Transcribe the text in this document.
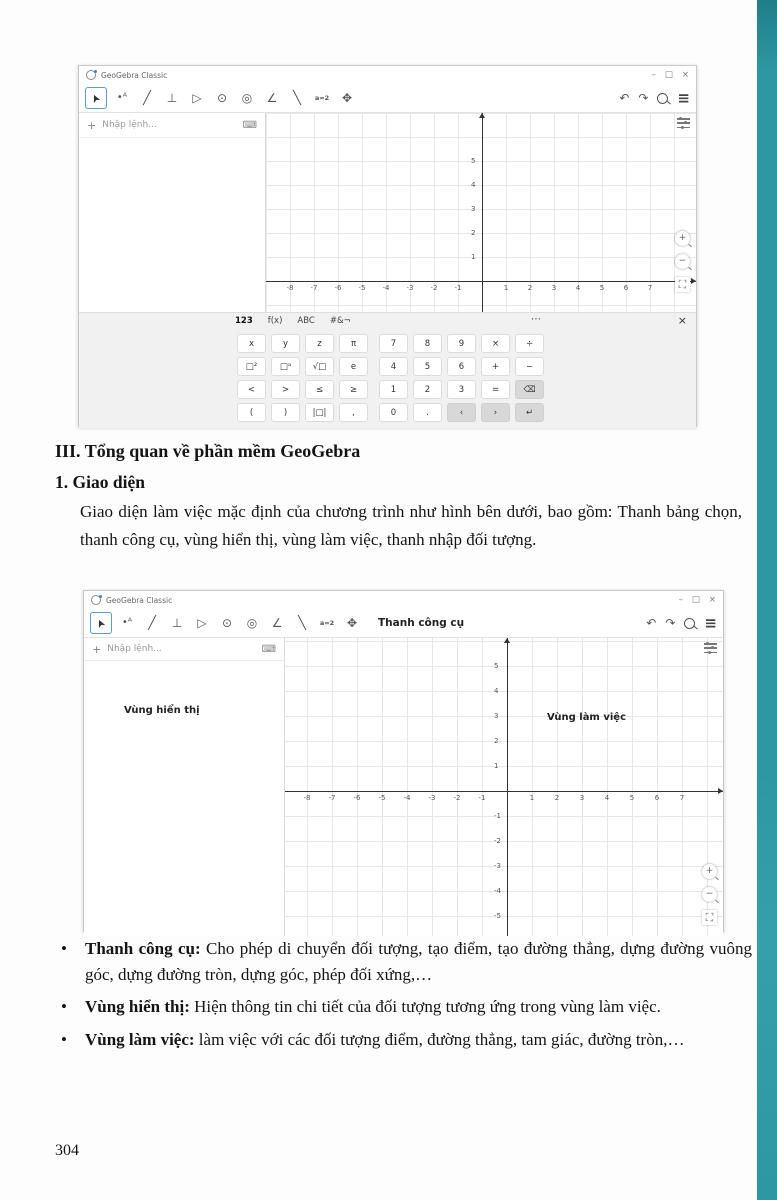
GeoGebra Classic	– □ ×
➤ •ᴬ ╱ ⊥ ▷ ⊙ ◎ ∠ ╲ a=2 ✥	↶ ↷ ≡
+ Nhập lệnh...	⌨
-8 -7 -6 -5 -4 -3 -2 -1	1	2	3	4	5	6	7
1
2
3
4
5
+
−
⛶
123 f(x) ABC #&¬	⋯	×
x	y	z	π
□²	□ᵃ	√□	e
<	>	≤	≥
(	)	|□|	,
7	8	9	×	÷
4	5	6	+	−
1	2	3	=	⌫
0	.	‹	›	↵
III. Tổng quan về phần mềm GeoGebra
1. Giao diện
Giao diện làm việc mặc định của chương trình như hình bên dưới, bao gồm: Thanh bảng chọn, thanh công cụ, vùng hiển thị, vùng làm việc, thanh nhập đối tượng.
GeoGebra Classic	– □ ×
➤ •ᴬ ╱ ⊥ ▷ ⊙ ◎ ∠ ╲ a=2 ✥ Thanh công cụ	↶ ↷ ≡
+ Nhập lệnh...	⌨
Vùng hiển thị
-8	-7	-6	-5	-4	-3	-2	-1	1	2	3	4	5	6	7
-5
-4
-3
-2
-1
1
2
3
4
5
Vùng làm việc
+
−
⛶
• Thanh công cụ: Cho phép di chuyển đối tượng, tạo điểm, tạo đường thẳng, dựng đường vuông góc, dựng đường tròn, dựng góc, phép đối xứng,…
• Vùng hiển thị: Hiện thông tin chi tiết của đối tượng tương ứng trong vùng làm việc.
• Vùng làm việc: làm việc với các đối tượng điểm, đường thẳng, tam giác, đường tròn,…
304
